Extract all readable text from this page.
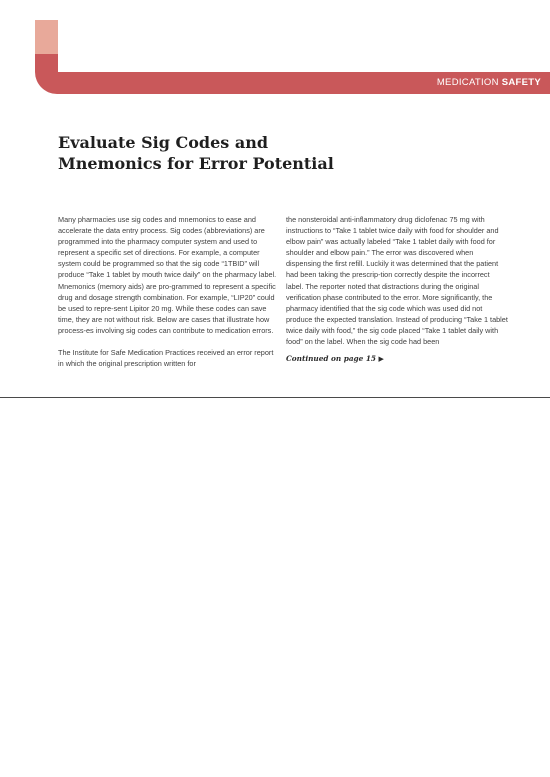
MEDICATION SAFETY
Evaluate Sig Codes and Mnemonics for Error Potential

Many pharmacies use sig codes and mnemonics to ease and accelerate the data entry process. Sig codes (abbreviations) are programmed into the pharmacy computer system and used to represent a specific set of directions. For example, a computer system could be programmed so that the sig code “1TBID” will produce “Take 1 tablet by mouth twice daily” on the pharmacy label. Mnemonics (memory aids) are pro-grammed to represent a specific drug and dosage strength combination. For example, “LIP20” could be used to repre-sent Lipitor 20 mg. While these codes can save time, they are not without risk. Below are cases that illustrate how process-es involving sig codes can contribute to medication errors.

The Institute for Safe Medication Practices received an error report in which the original prescription written for

the nonsteroidal anti-inflammatory drug diclofenac 75 mg with instructions to “Take 1 tablet twice daily with food for shoulder and elbow pain” was actually labeled “Take 1 tablet daily with food for shoulder and elbow pain.” The error was discovered when dispensing the first refill. Luckily it was determined that the patient had been taking the prescrip-tion correctly despite the incorrect label. The reporter noted that distractions during the original verification phase contributed to the error. More significantly, the pharmacy identified that the sig code which was used did not produce the expected translation. Instead of producing “Take 1 tablet twice daily with food,” the sig code placed “Take 1 tablet daily with food” on the label. When the sig code had been

Continued on page 15 ▶
